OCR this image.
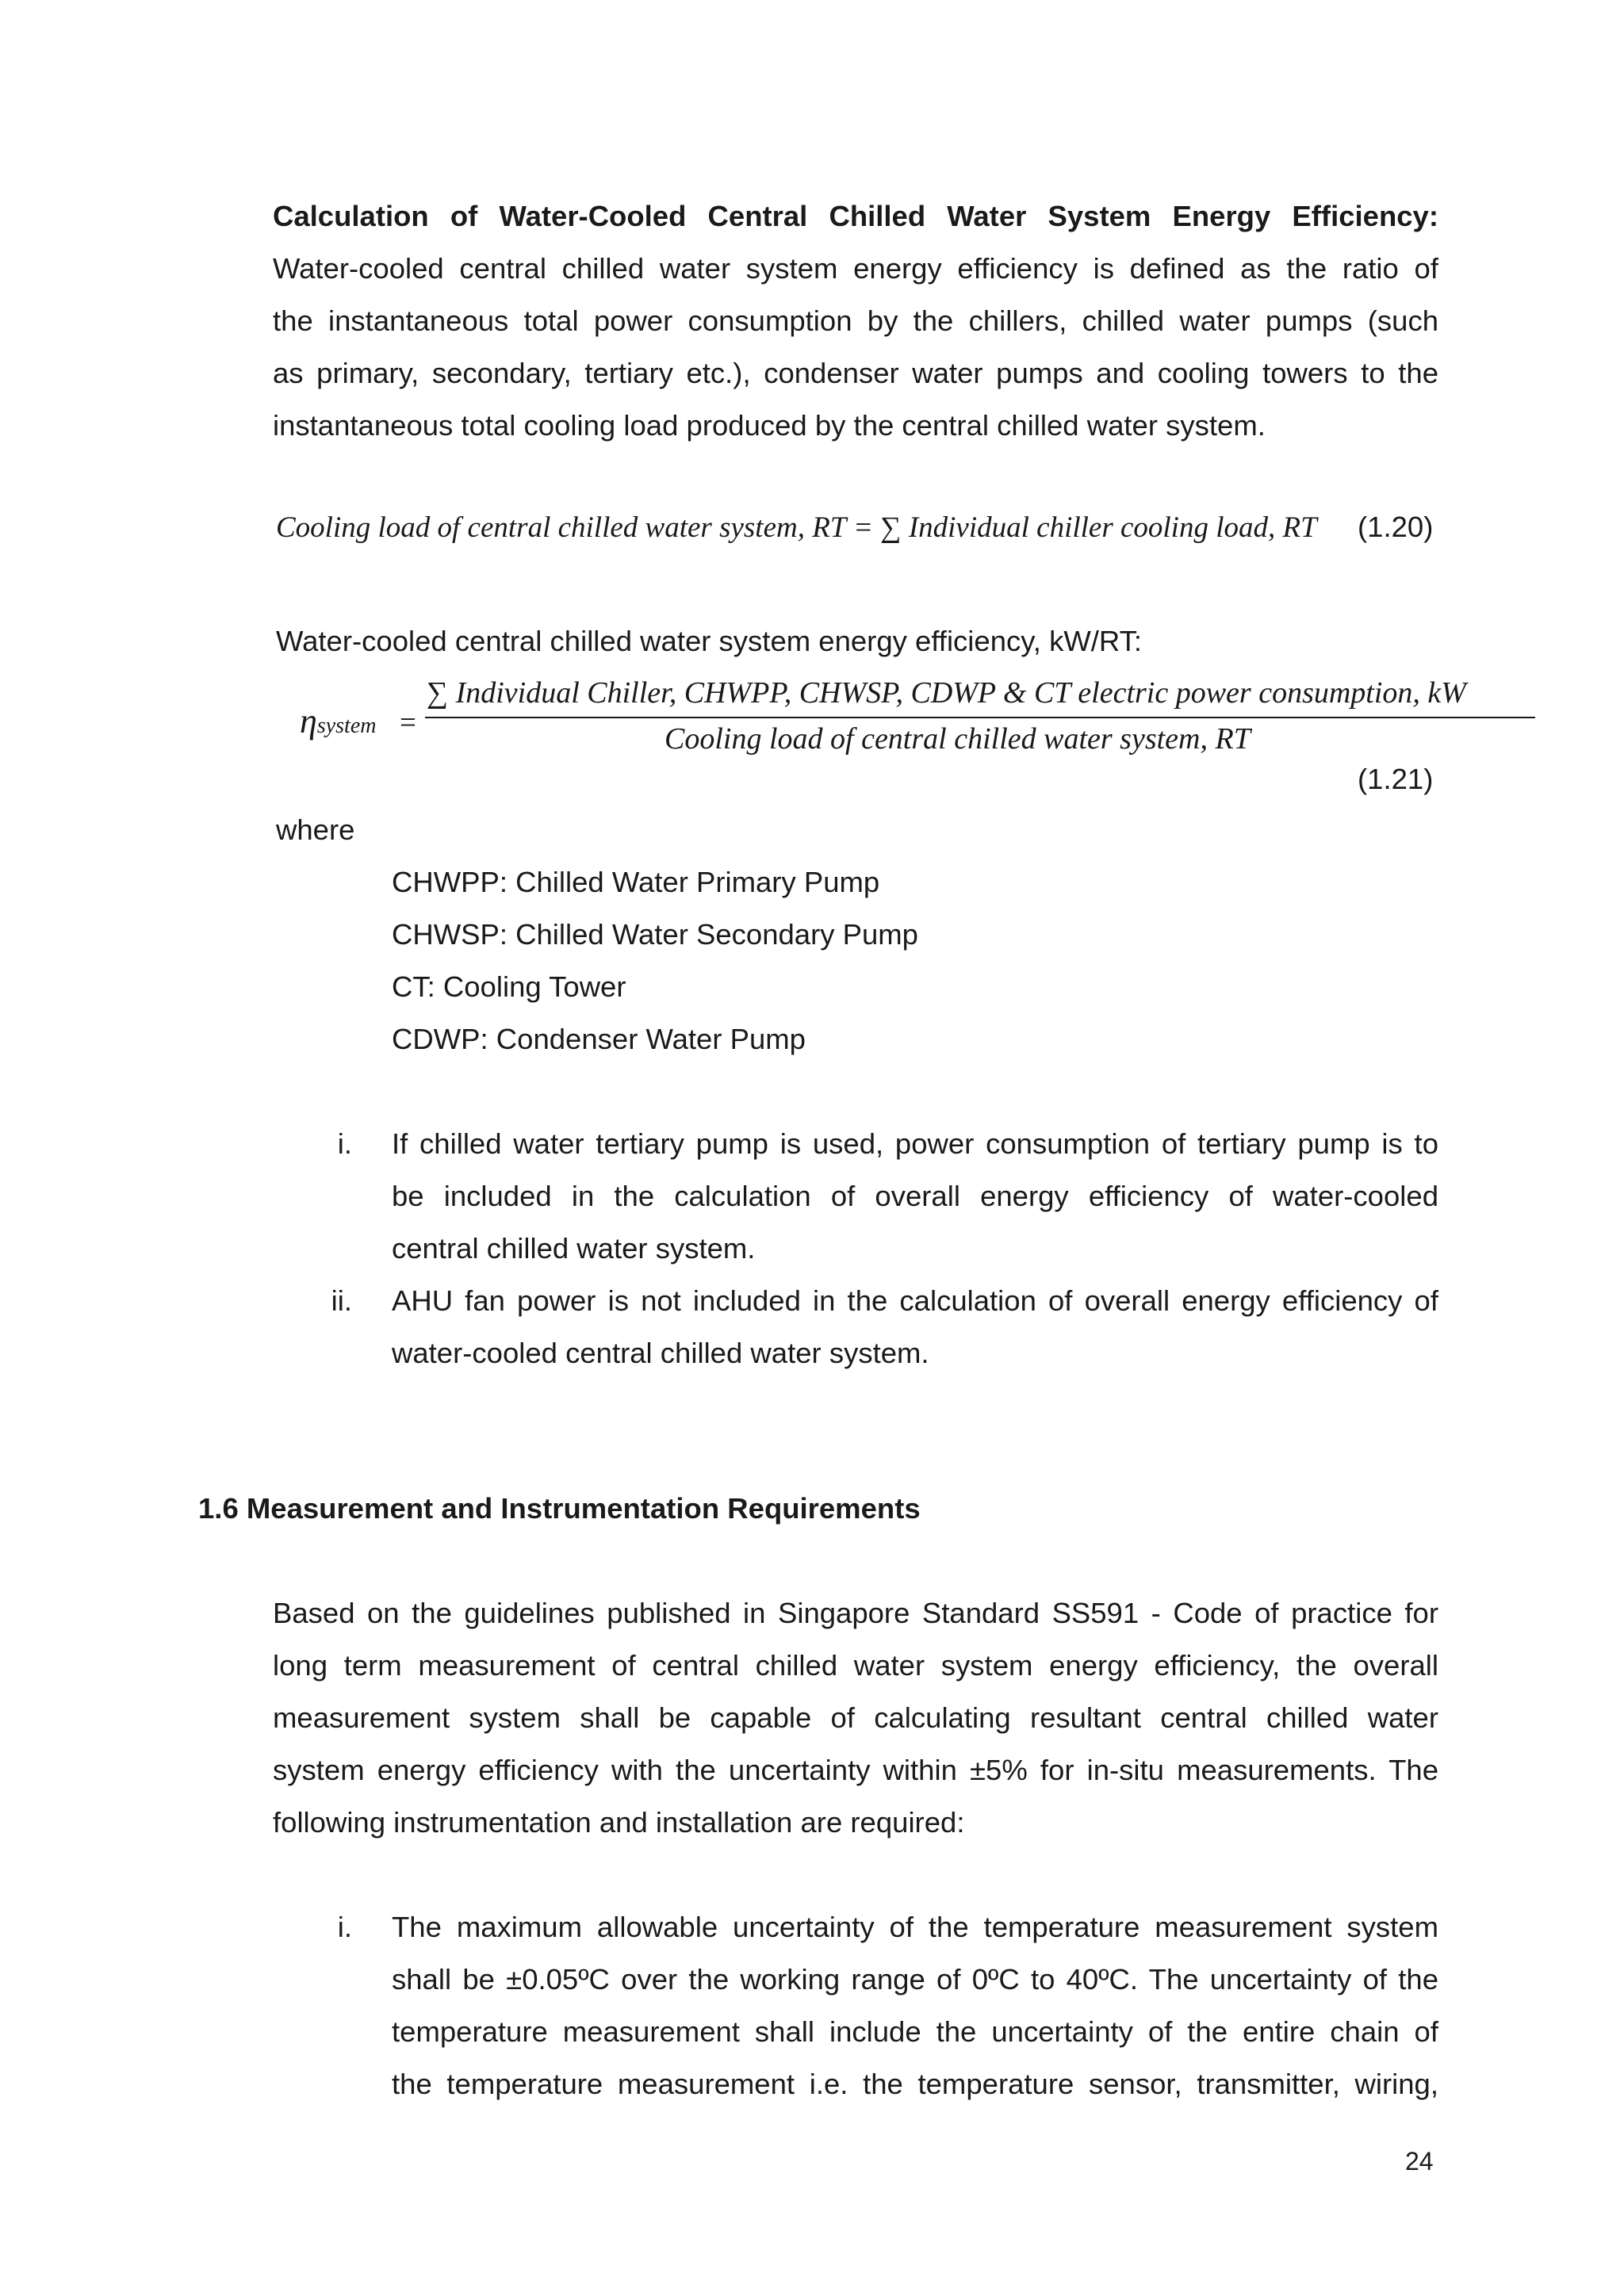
Calculation of Water-Cooled Central Chilled Water System Energy Efficiency:
Water-cooled central chilled water system energy efficiency is defined as the ratio of
the instantaneous total power consumption by the chillers, chilled water pumps (such
as primary, secondary, tertiary etc.), condenser water pumps and cooling towers to the
instantaneous total cooling load produced by the central chilled water system.
Cooling load of central chilled water system, RT = ∑ Individual chiller cooling load, RT (1.20)
Water-cooled central chilled water system energy efficiency, kW/RT:
ηsystem =
∑ Individual Chiller, CHWPP, CHWSP, CDWP & CT electric power consumption, kW
Cooling load of central chilled water system, RT
(1.21)
where
CHWPP: Chilled Water Primary Pump
CHWSP: Chilled Water Secondary Pump
CT: Cooling Tower
CDWP: Condenser Water Pump
i. If chilled water tertiary pump is used, power consumption of tertiary pump is to
be included in the calculation of overall energy efficiency of water-cooled
central chilled water system.
ii. AHU fan power is not included in the calculation of overall energy efficiency of
water-cooled central chilled water system.
1.6 Measurement and Instrumentation Requirements
Based on the guidelines published in Singapore Standard SS591 - Code of practice for
long term measurement of central chilled water system energy efficiency, the overall
measurement system shall be capable of calculating resultant central chilled water
system energy efficiency with the uncertainty within ±5% for in-situ measurements. The
following instrumentation and installation are required:
i. The maximum allowable uncertainty of the temperature measurement system
shall be ±0.05ºC over the working range of 0ºC to 40ºC. The uncertainty of the
temperature measurement shall include the uncertainty of the entire chain of
the temperature measurement i.e. the temperature sensor, transmitter, wiring,
24
